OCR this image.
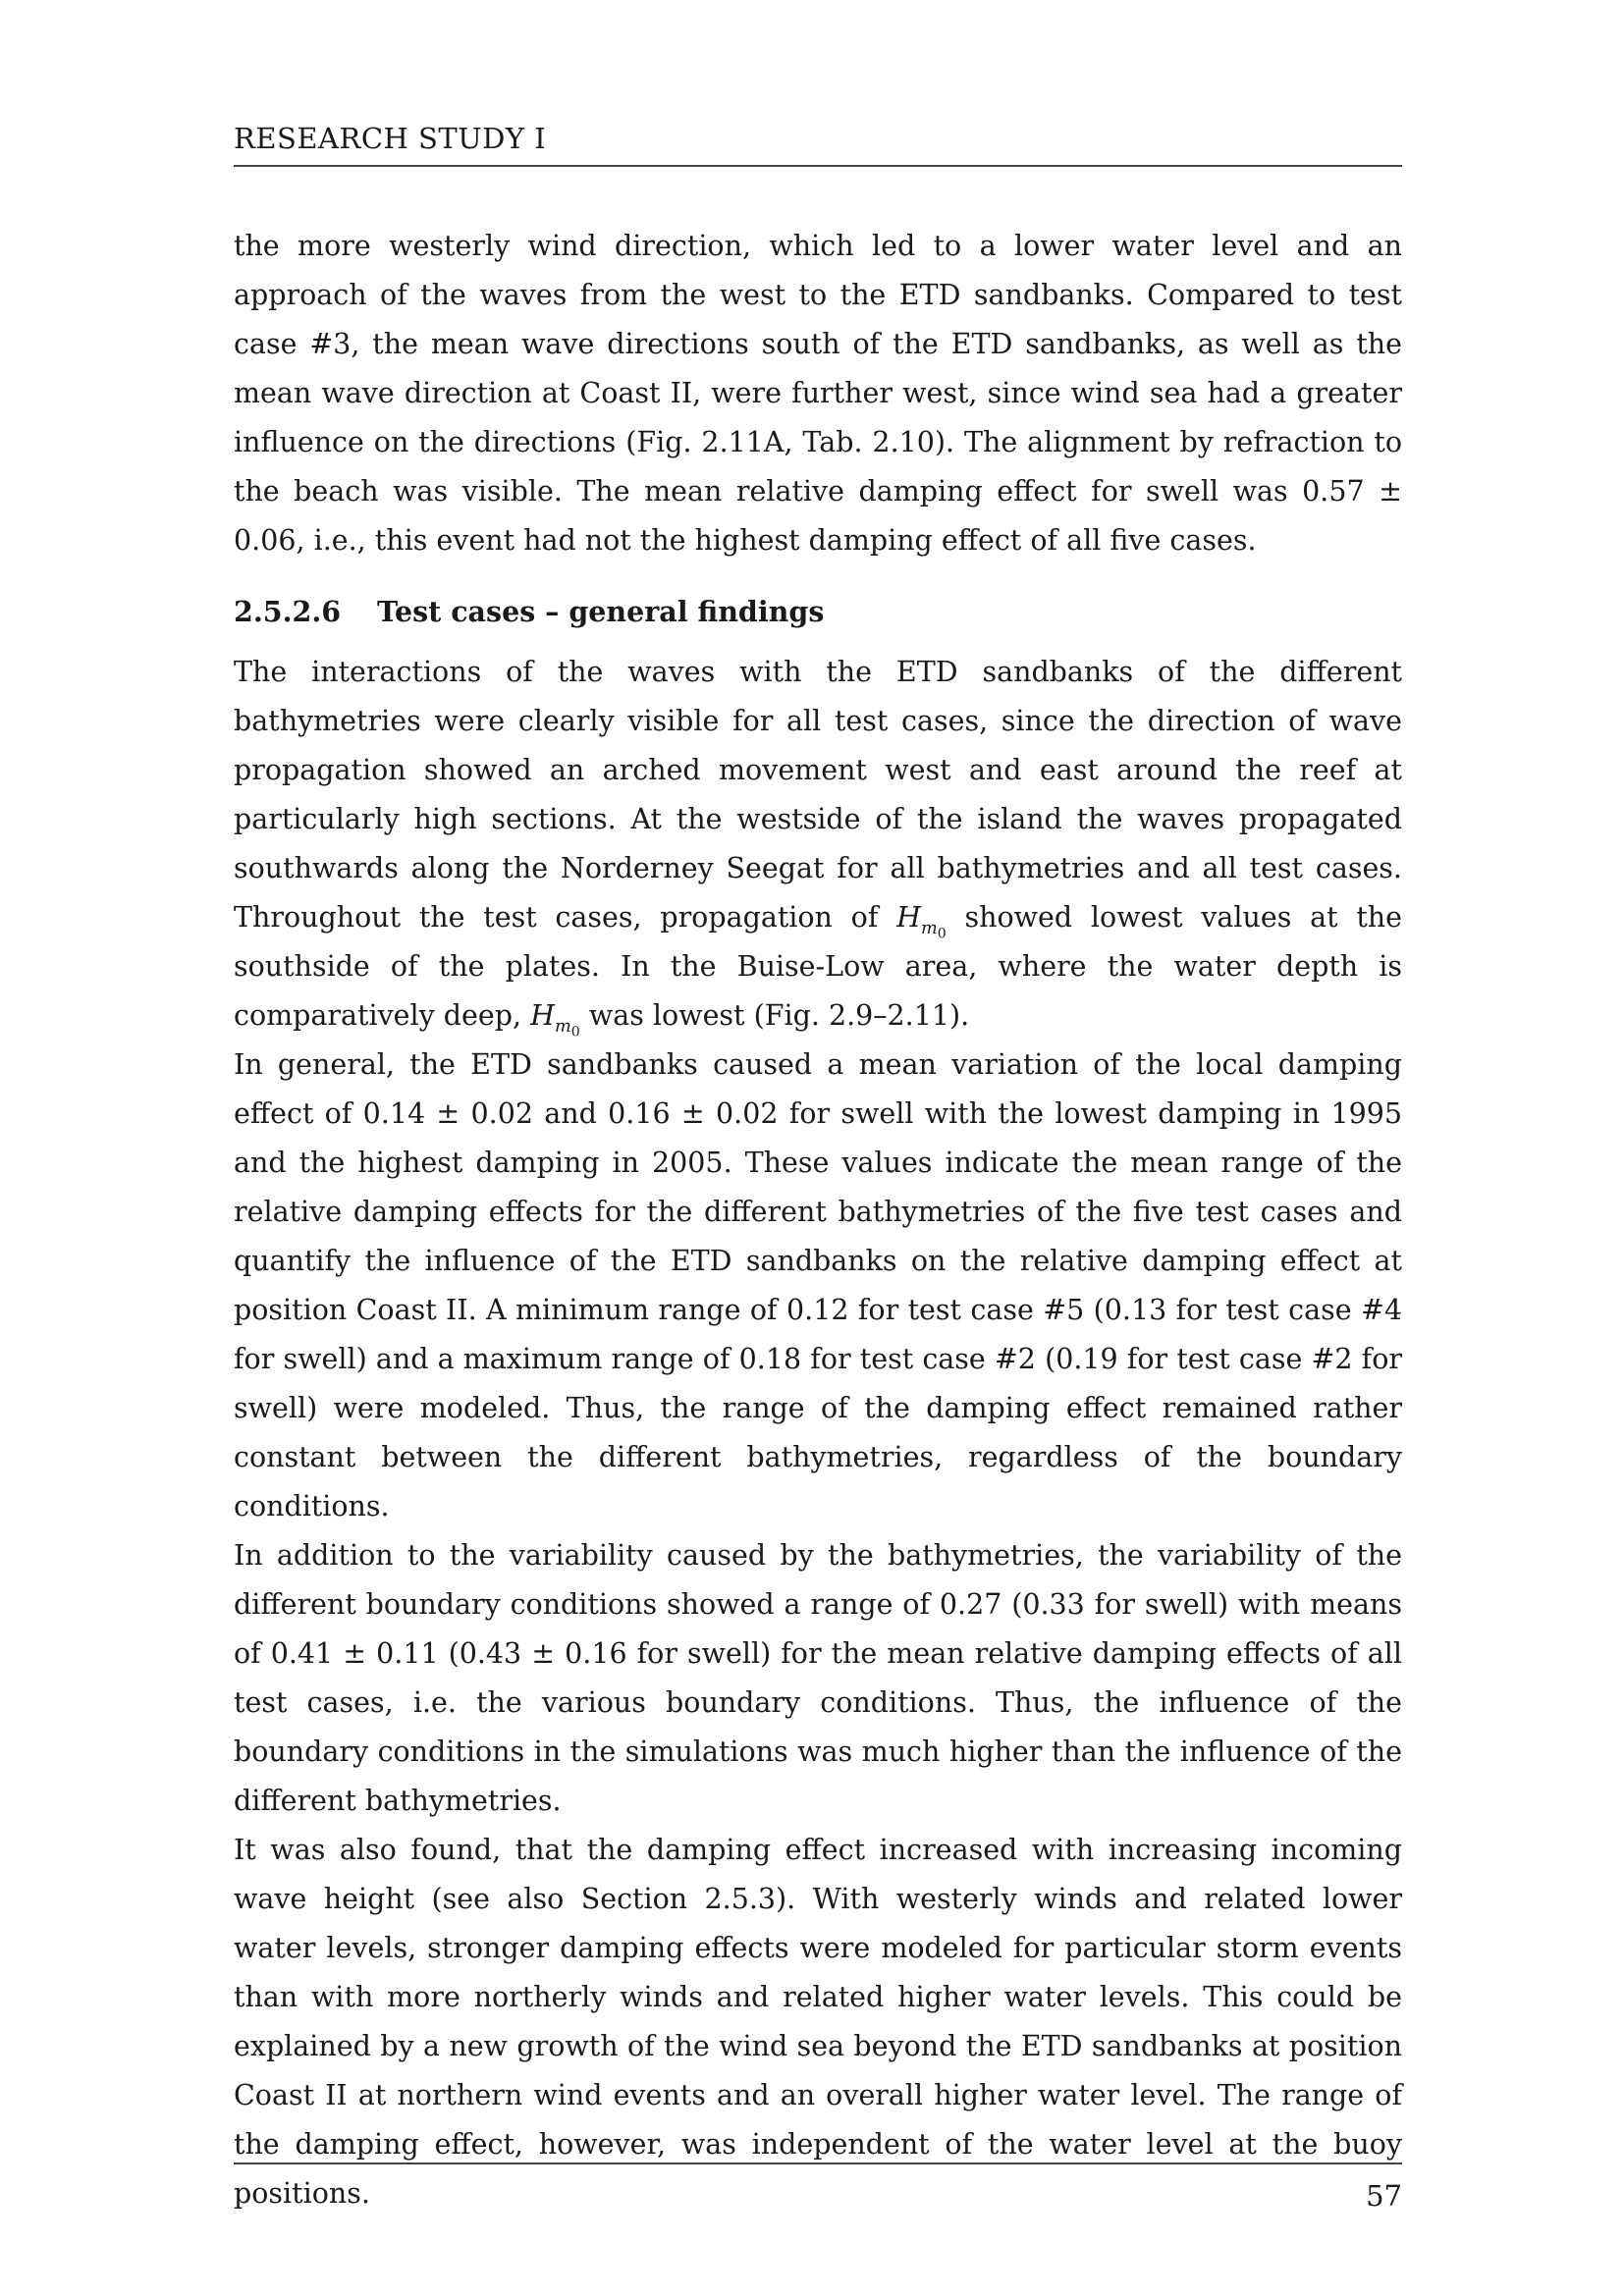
RESEARCH STUDY I

the more westerly wind direction, which led to a lower water level and an approach of the waves from the west to the ETD sandbanks. Compared to test case #3, the mean wave directions south of the ETD sandbanks, as well as the mean wave direction at Coast II, were further west, since wind sea had a greater influence on the directions (Fig. 2.11A, Tab. 2.10). The alignment by refraction to the beach was visible. The mean relative damping effect for swell was 0.57 ± 0.06, i.e., this event had not the highest damping effect of all five cases.

2.5.2.6 Test cases – general findings

The interactions of the waves with the ETD sandbanks of the different bathymetries were clearly visible for all test cases, since the direction of wave propagation showed an arched movement west and east around the reef at particularly high sections. At the westside of the island the waves propagated southwards along the Norderney Seegat for all bathymetries and all test cases. Throughout the test cases, propagation of $H_{m_0}$ showed lowest values at the southside of the plates. In the Buise-Low area, where the water depth is comparatively deep, $H_{m_0}$ was lowest (Fig. 2.9–2.11).

In general, the ETD sandbanks caused a mean variation of the local damping effect of 0.14 ± 0.02 and 0.16 ± 0.02 for swell with the lowest damping in 1995 and the highest damping in 2005. These values indicate the mean range of the relative damping effects for the different bathymetries of the five test cases and quantify the influence of the ETD sandbanks on the relative damping effect at position Coast II. A minimum range of 0.12 for test case #5 (0.13 for test case #4 for swell) and a maximum range of 0.18 for test case #2 (0.19 for test case #2 for swell) were modeled. Thus, the range of the damping effect remained rather constant between the different bathymetries, regardless of the boundary conditions.

In addition to the variability caused by the bathymetries, the variability of the different boundary conditions showed a range of 0.27 (0.33 for swell) with means of 0.41 ± 0.11 (0.43 ± 0.16 for swell) for the mean relative damping effects of all test cases, i.e. the various boundary conditions. Thus, the influence of the boundary conditions in the simulations was much higher than the influence of the different bathymetries.

It was also found, that the damping effect increased with increasing incoming wave height (see also Section 2.5.3). With westerly winds and related lower water levels, stronger damping effects were modeled for particular storm events than with more northerly winds and related higher water levels. This could be explained by a new growth of the wind sea beyond the ETD sandbanks at position Coast II at northern wind events and an overall higher water level. The range of the damping effect, however, was independent of the water level at the buoy positions.	57
